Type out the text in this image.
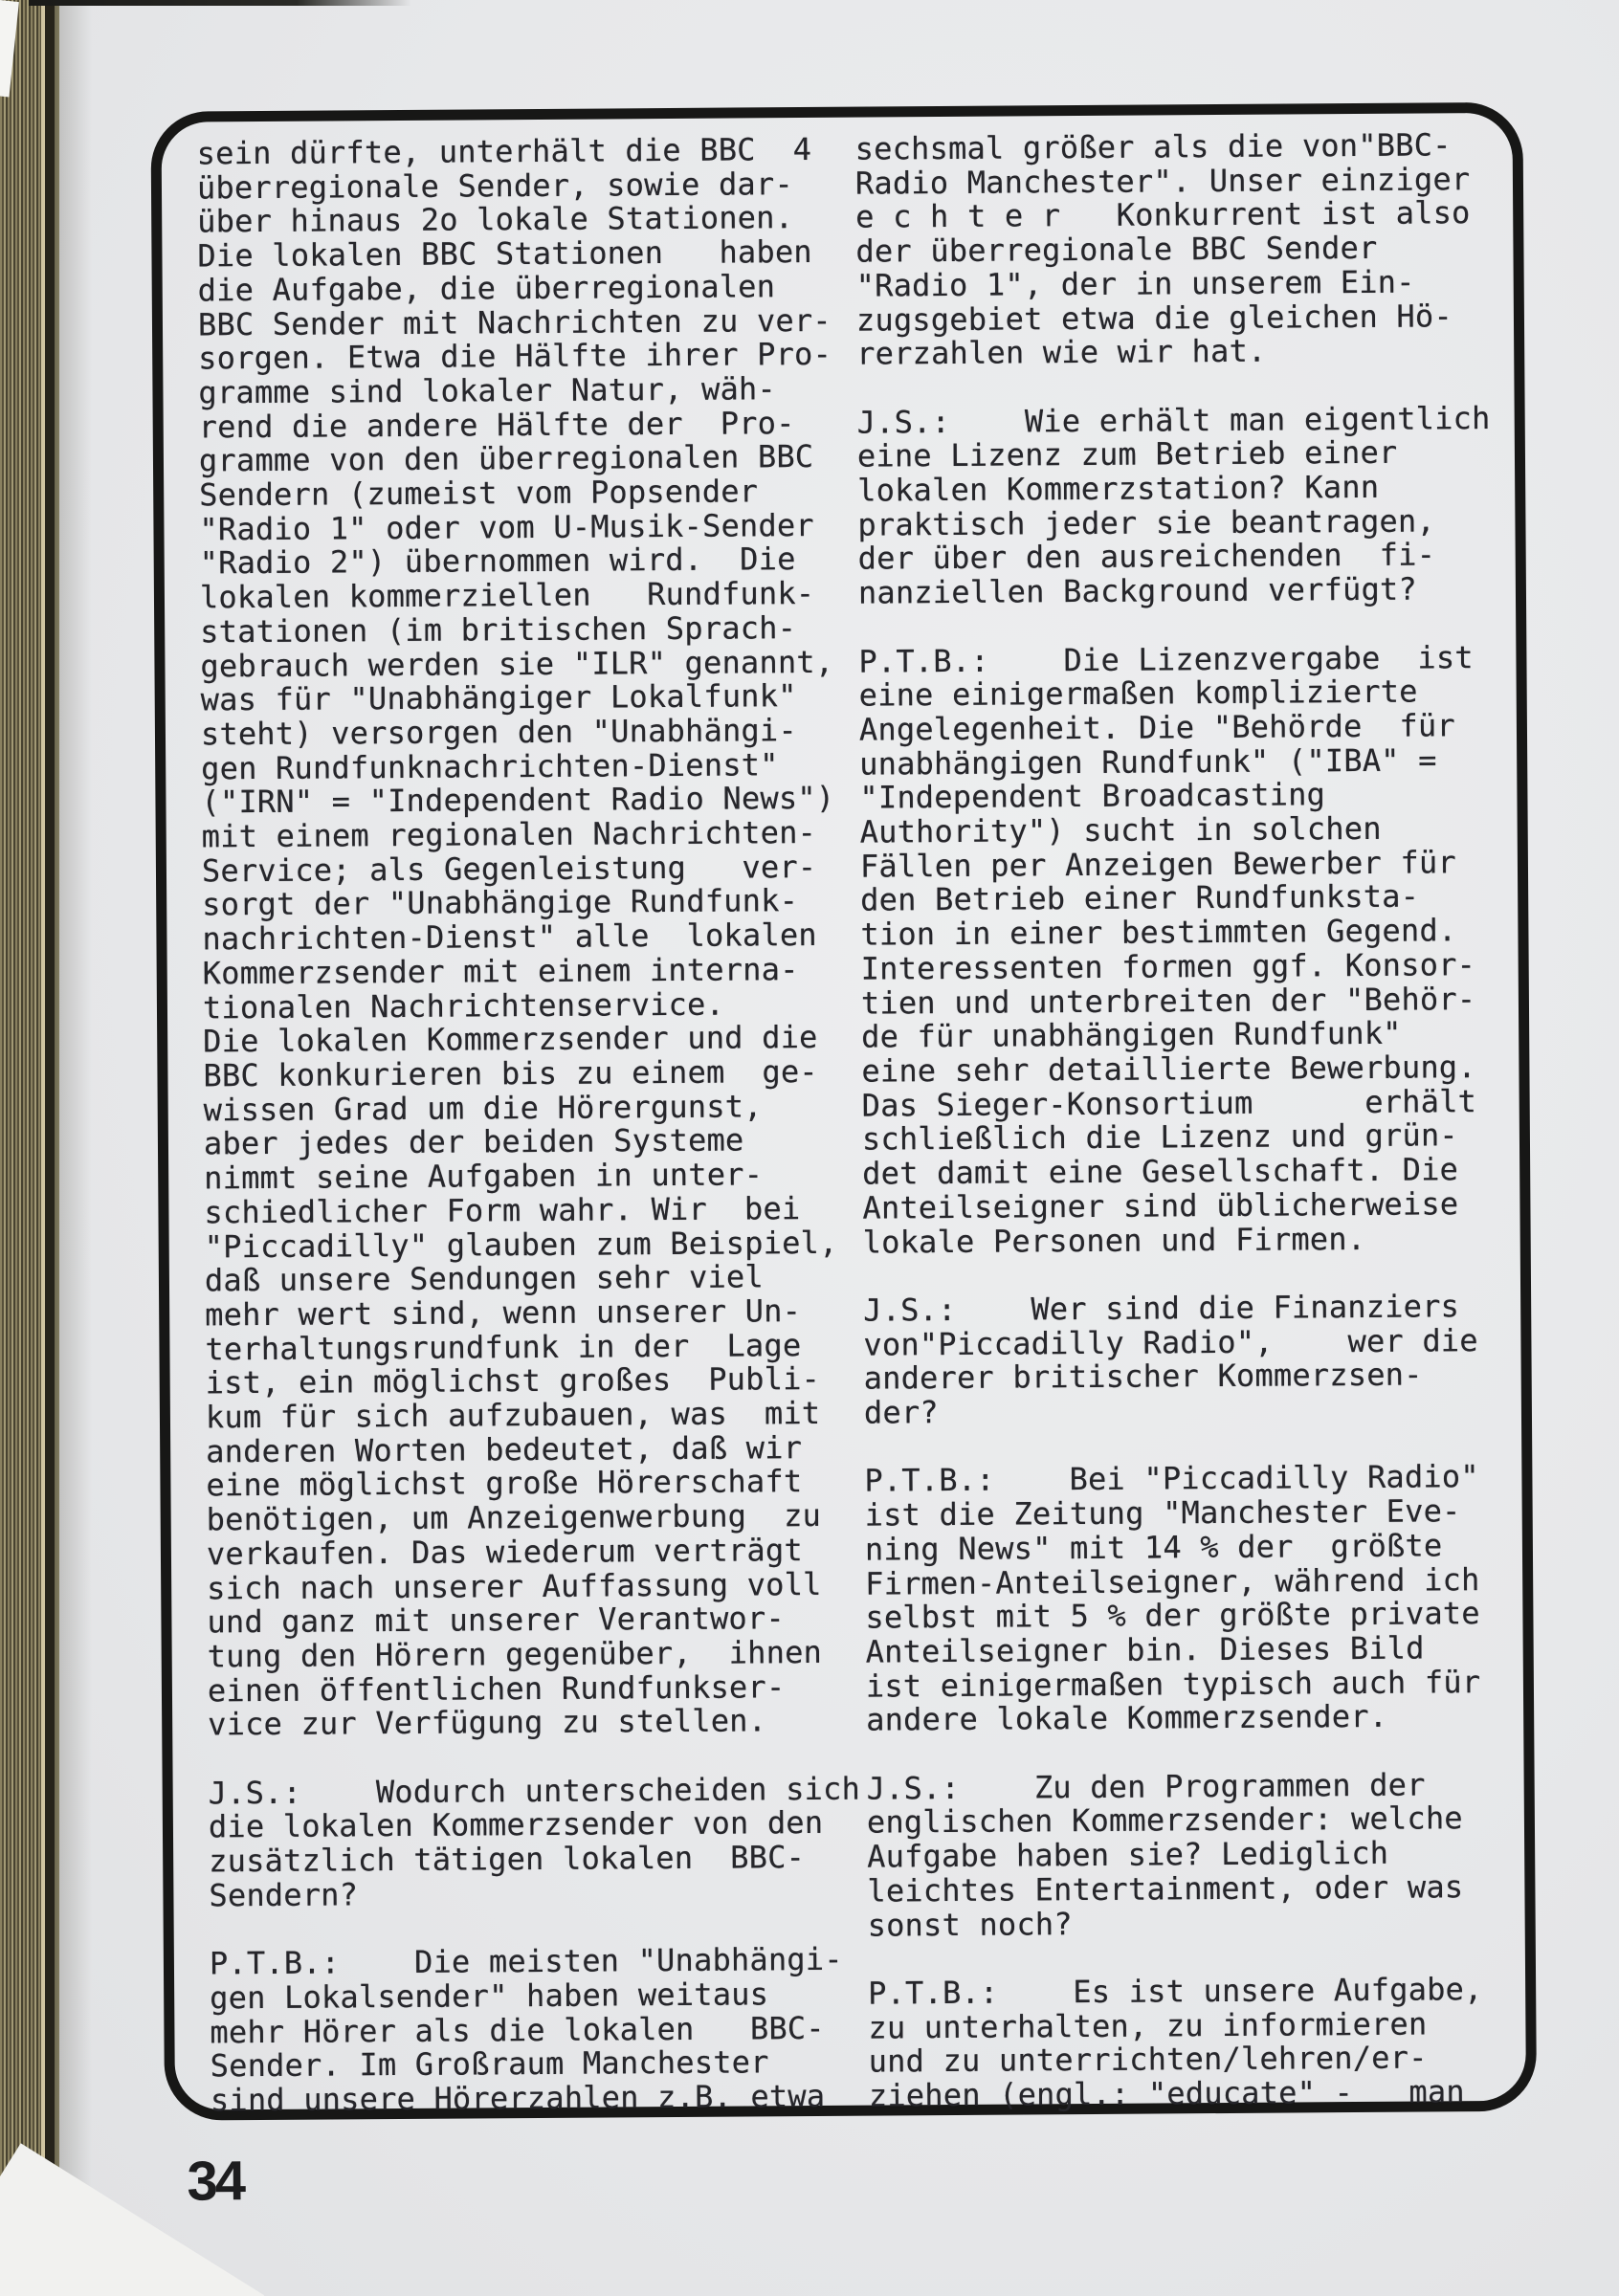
sein dürfte, unterhält die BBC  4
überregionale Sender, sowie dar-
über hinaus 2o lokale Stationen.
Die lokalen BBC Stationen   haben
die Aufgabe, die überregionalen
BBC Sender mit Nachrichten zu ver-
sorgen. Etwa die Hälfte ihrer Pro-
gramme sind lokaler Natur, wäh-
rend die andere Hälfte der  Pro-
gramme von den überregionalen BBC
Sendern (zumeist vom Popsender
"Radio 1" oder vom U-Musik-Sender
"Radio 2") übernommen wird.  Die
lokalen kommerziellen   Rundfunk-
stationen (im britischen Sprach-
gebrauch werden sie "ILR" genannt,
was für "Unabhängiger Lokalfunk"
steht) versorgen den "Unabhängi-
gen Rundfunknachrichten-Dienst"
("IRN" = "Independent Radio News")
mit einem regionalen Nachrichten-
Service; als Gegenleistung   ver-
sorgt der "Unabhängige Rundfunk-
nachrichten-Dienst" alle  lokalen
Kommerzsender mit einem interna-
tionalen Nachrichtenservice.
Die lokalen Kommerzsender und die
BBC konkurieren bis zu einem  ge-
wissen Grad um die Hörergunst,
aber jedes der beiden Systeme
nimmt seine Aufgaben in unter-
schiedlicher Form wahr. Wir  bei
"Piccadilly" glauben zum Beispiel,
daß unsere Sendungen sehr viel
mehr wert sind, wenn unserer Un-
terhaltungsrundfunk in der  Lage
ist, ein möglichst großes  Publi-
kum für sich aufzubauen, was  mit
anderen Worten bedeutet, daß wir
eine möglichst große Hörerschaft
benötigen, um Anzeigenwerbung  zu
verkaufen. Das wiederum verträgt
sich nach unserer Auffassung voll
und ganz mit unserer Verantwor-
tung den Hörern gegenüber,  ihnen
einen öffentlichen Rundfunkser-
vice zur Verfügung zu stellen.

J.S.:    Wodurch unterscheiden sich
die lokalen Kommerzsender von den
zusätzlich tätigen lokalen  BBC-
Sendern?

P.T.B.:    Die meisten "Unabhängi-
gen Lokalsender" haben weitaus
mehr Hörer als die lokalen   BBC-
Sender. Im Großraum Manchester
sind unsere Hörerzahlen z.B. etwa
sechsmal größer als die von"BBC-
Radio Manchester". Unser einziger
e c h t e r   Konkurrent ist also
der überregionale BBC Sender
"Radio 1", der in unserem Ein-
zugsgebiet etwa die gleichen Hö-
rerzahlen wie wir hat.

J.S.:    Wie erhält man eigentlich
eine Lizenz zum Betrieb einer
lokalen Kommerzstation? Kann
praktisch jeder sie beantragen,
der über den ausreichenden  fi-
nanziellen Background verfügt?

P.T.B.:    Die Lizenzvergabe  ist
eine einigermaßen komplizierte
Angelegenheit. Die "Behörde  für
unabhängigen Rundfunk" ("IBA" =
"Independent Broadcasting
Authority") sucht in solchen
Fällen per Anzeigen Bewerber für
den Betrieb einer Rundfunksta-
tion in einer bestimmten Gegend.
Interessenten formen ggf. Konsor-
tien und unterbreiten der "Behör-
de für unabhängigen Rundfunk"
eine sehr detaillierte Bewerbung.
Das Sieger-Konsortium      erhält
schließlich die Lizenz und grün-
det damit eine Gesellschaft. Die
Anteilseigner sind üblicherweise
lokale Personen und Firmen.

J.S.:    Wer sind die Finanziers
von"Piccadilly Radio",    wer die
anderer britischer Kommerzsen-
der?

P.T.B.:    Bei "Piccadilly Radio"
ist die Zeitung "Manchester Eve-
ning News" mit 14 % der  größte
Firmen-Anteilseigner, während ich
selbst mit 5 % der größte private
Anteilseigner bin. Dieses Bild
ist einigermaßen typisch auch für
andere lokale Kommerzsender.

J.S.:    Zu den Programmen der
englischen Kommerzsender: welche
Aufgabe haben sie? Lediglich
leichtes Entertainment, oder was
sonst noch?

P.T.B.:    Es ist unsere Aufgabe,
zu unterhalten, zu informieren
und zu unterrichten/lehren/er-
ziehen (engl.: "educate" -   man
34
